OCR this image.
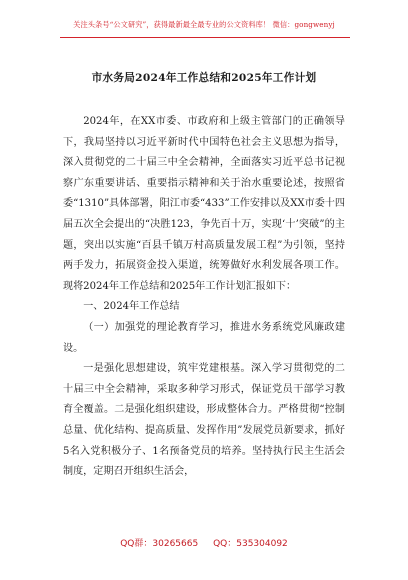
关注头条号“公文研究”，获得最新最全最专业的公文资料库！ 微信：gongwenyj
市水务局2024年工作总结和2025年工作计划

2024年，在XX市委、市政府和上级主管部门的正确领导下，我局坚持以习近平新时代中国特色社会主义思想为指导，深入贯彻党的二十届三中全会精神，全面落实习近平总书记视察广东重要讲话、重要指示精神和关于治水重要论述，按照省委“1310”具体部署，阳江市委“433”工作安排以及XX市委十四届五次全会提出的“决胜123，争先百十万，实现‘十’突破”的主题，突出以实施“百县千镇万村高质量发展工程”为引领，坚持两手发力，拓展资金投入渠道，统筹做好水利发展各项工作。现将2024年工作总结和2025年工作计划汇报如下：

一、2024年工作总结

（一）加强党的理论教育学习，推进水务系统党风廉政建设。

一是强化思想建设，筑牢党建根基。深入学习贯彻党的二十届三中全会精神，采取多种学习形式，保证党员干部学习教育全覆盖。二是强化组织建设，形成整体合力。严格贯彻“控制总量、优化结构、提高质量、发挥作用”发展党员新要求，抓好5名入党积极分子、1名预备党员的培养。坚持执行民主生活会制度，定期召开组织生活会，

QQ群：30265665 QQ：535304092
